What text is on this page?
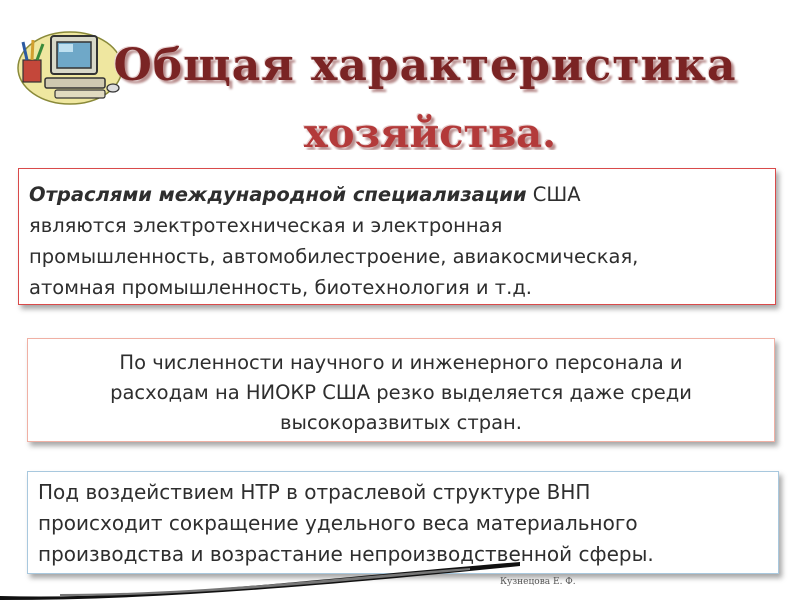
Общая характеристика
хозяйства.
Отраслями международной специализации США
являются электротехническая и электронная
промышленность, автомобилестроение, авиакосмическая,
атомная промышленность, биотехнология и т.д.
По численности научного и инженерного персонала и
расходам на НИОКР США резко выделяется даже среди
высокоразвитых стран.
Под воздействием НТР в отраслевой структуре ВНП
происходит сокращение удельного веса материального
производства и возрастание непроизводственной сферы.
Кузнецова Е. Ф.
